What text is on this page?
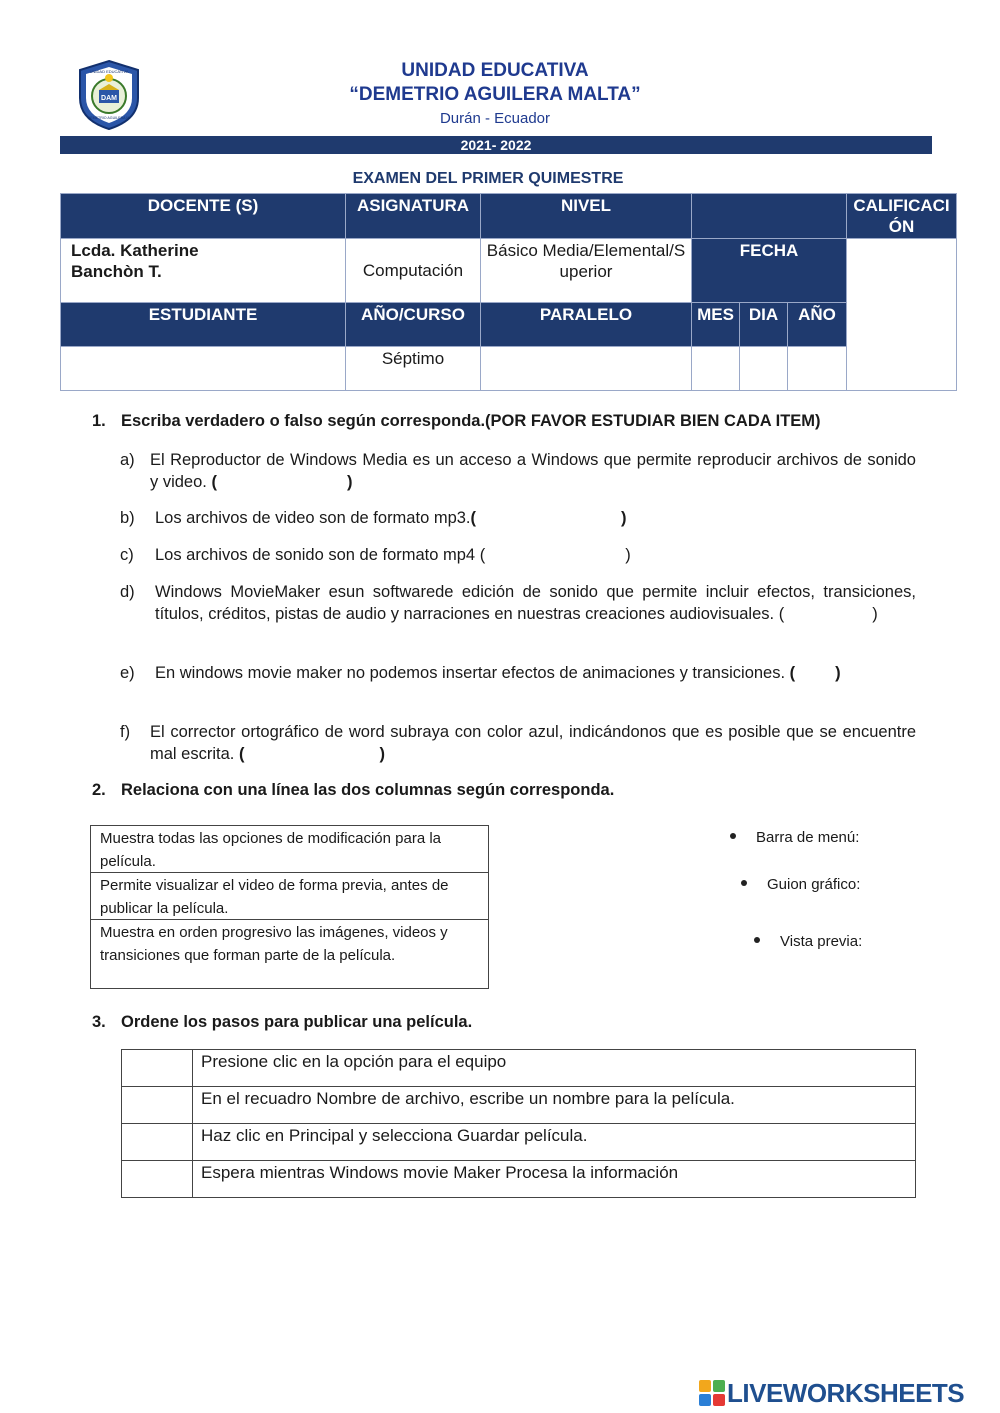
UNIDAD EDUCATIVA
DAM
DEMETRIO AGUILERA M.
UNIDAD EDUCATIVA
“DEMETRIO AGUILERA MALTA”
Durán - Ecuador
2021- 2022
EXAMEN DEL PRIMER QUIMESTRE
DOCENTE (S)	ASIGNATURA	NIVEL				CALIFICACIÓN
Lcda. Katherine Banchòn T.	Computación	Básico Media/Elemental/Superior	FECHA			
ESTUDIANTE	AÑO/CURSO	PARALELO	MES	DIA	AÑO	
	Séptimo					
1. Escriba verdadero o falso según corresponda.(POR FAVOR ESTUDIAR BIEN CADA ITEM)
a) El Reproductor de Windows Media es un acceso a Windows que permite reproducir archivos de sonido y video. (	)
b) Los archivos de video son de formato mp3.(	)
c) Los archivos de sonido son de formato mp4 (	)
d) Windows MovieMaker esun softwarede edición de sonido que permite incluir efectos, transiciones, títulos, créditos, pistas de audio y narraciones en nuestras creaciones audiovisuales. (	)
e) En windows movie maker no podemos insertar efectos de animaciones y transiciones. ( )
f) El corrector ortográfico de word subraya con color azul, indicándonos que es posible que se encuentre mal escrita. (	)
2. Relaciona con una línea las dos columnas según corresponda.
Muestra todas las opciones de modificación para la película.
Permite visualizar el video de forma previa, antes de publicar la película.
Muestra en orden progresivo las imágenes, videos y transiciones que forman parte de la película.
Barra de menú:
Guion gráfico:
Vista previa:
3. Ordene los pasos para publicar una película.
	Presione clic en la opción para el equipo
	En el recuadro Nombre de archivo, escribe un nombre para la película.
	Haz clic en Principal y selecciona Guardar película.
	Espera mientras Windows movie Maker Procesa la información
LIVEWORKSHEETS
